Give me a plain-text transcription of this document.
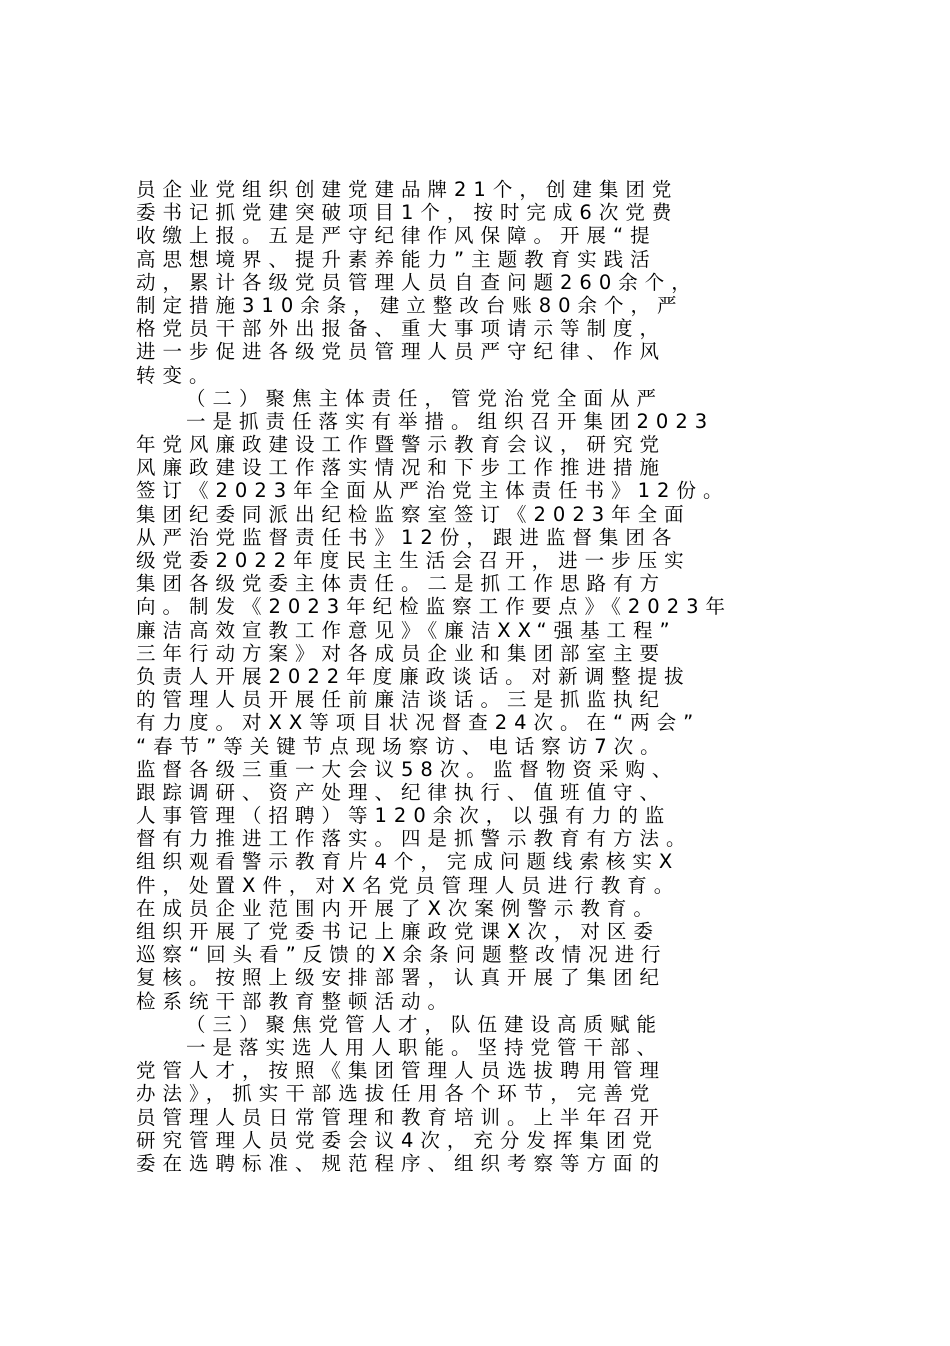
员企业党组织创建党建品牌21个，创建集团党
委书记抓党建突破项目1个，按时完成6次党费
收缴上报。五是严守纪律作风保障。开展“提
高思想境界、提升素养能力”主题教育实践活
动，累计各级党员管理人员自查问题260余个，
制定措施310余条，建立整改台账80余个，严
格党员干部外出报备、重大事项请示等制度，
进一步促进各级党员管理人员严守纪律、作风
转变。
（二）聚焦主体责任，管党治党全面从严
一是抓责任落实有举措。组织召开集团2023
年党风廉政建设工作暨警示教育会议，研究党
风廉政建设工作落实情况和下步工作推进措施
签订《2023年全面从严治党主体责任书》12份。
集团纪委同派出纪检监察室签订《2023年全面
从严治党监督责任书》12份，跟进监督集团各
级党委2022年度民主生活会召开，进一步压实
集团各级党委主体责任。二是抓工作思路有方
向。制发《2023年纪检监察工作要点》《2023年
廉洁高效宣教工作意见》《廉洁XX“强基工程”
三年行动方案》对各成员企业和集团部室主要
负责人开展2022年度廉政谈话。对新调整提拔
的管理人员开展任前廉洁谈话。三是抓监执纪
有力度。对XX等项目状况督查24次。在“两会”
“春节”等关键节点现场察访、电话察访7次。
监督各级三重一大会议58次。监督物资采购、
跟踪调研、资产处理、纪律执行、值班值守、
人事管理（招聘）等120余次，以强有力的监
督有力推进工作落实。四是抓警示教育有方法。
组织观看警示教育片4个，完成问题线索核实X
件，处置X件，对X名党员管理人员进行教育。
在成员企业范围内开展了X次案例警示教育。
组织开展了党委书记上廉政党课X次，对区委
巡察“回头看”反馈的X余条问题整改情况进行
复核。按照上级安排部署，认真开展了集团纪
检系统干部教育整顿活动。
（三）聚焦党管人才，队伍建设高质赋能
一是落实选人用人职能。坚持党管干部、
党管人才，按照《集团管理人员选拔聘用管理
办法》，抓实干部选拔任用各个环节，完善党
员管理人员日常管理和教育培训。上半年召开
研究管理人员党委会议4次，充分发挥集团党
委在选聘标准、规范程序、组织考察等方面的
